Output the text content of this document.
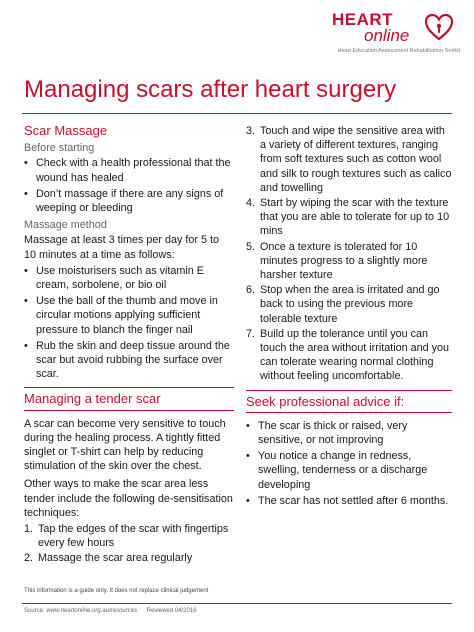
HEART
online
Heart Education Assessment Rehabilitation Toolkit
Managing scars after heart surgery
Scar Massage
Before starting
• Check with a health professional that the wound has healed
• Don’t massage if there are any signs of weeping or bleeding
Massage method

Massage at least 3 times per day for 5 to 10 minutes at a time as follows:

• Use moisturisers such as vitamin E cream, sorbolene, or bio oil
• Use the ball of the thumb and move in circular motions applying sufficient pressure to blanch the finger nail
• Rub the skin and deep tissue around the scar but avoid rubbing the surface over scar.
Managing a tender scar

A scar can become very sensitive to touch during the healing process. A tightly fitted singlet or T-shirt can help by reducing stimulation of the skin over the chest.

Other ways to make the scar area less tender include the following de-sensitisation techniques:

1. Tap the edges of the scar with fingertips every few hours
2. Massage the scar area regularly
3. Touch and wipe the sensitive area with a variety of different textures, ranging from soft textures such as cotton wool and silk to rough textures such as calico and towelling
4. Start by wiping the scar with the texture that you are able to tolerate for up to 10 mins
5. Once a texture is tolerated for 10 minutes progress to a slightly more harsher texture
6. Stop when the area is irritated and go back to using the previous more tolerable texture
7. Build up the tolerance until you can touch the area without irritation and you can tolerate wearing normal clothing without feeling uncomfortable.
Seek professional advice if:
• The scar is thick or raised, very sensitive, or not improving
• You notice a change in redness, swelling, tenderness or a discharge developing
• The scar has not settled after 6 months.
This information is a guide only. It does not replace clinical judgement
Source: www.heartonline.org.au/resources Reviewed 04/2016
